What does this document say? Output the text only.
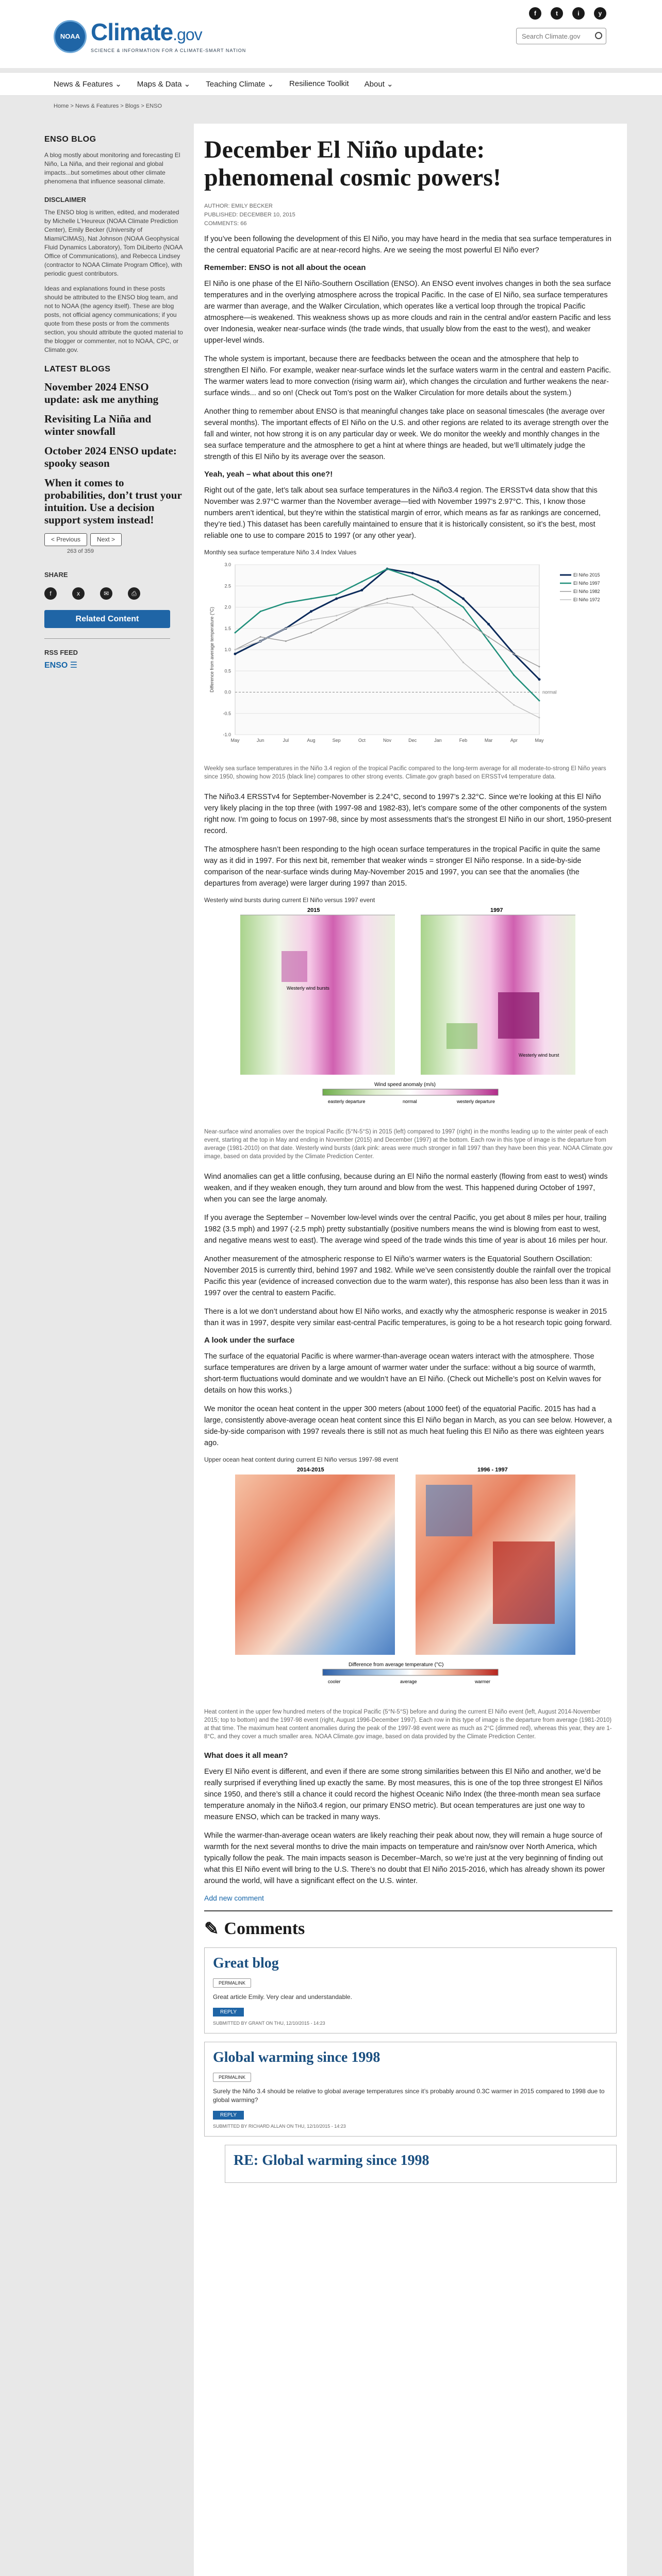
NOAA Climate.gov
SCIENCE & INFORMATION FOR A CLIMATE-SMART NATION
f	t	i	y
Search Climate.gov
News & Features ⌄ Maps & Data ⌄ Teaching Climate ⌄ Resilience Toolkit About ⌄
Home > News & Features > Blogs > ENSO
ENSO BLOG
A blog mostly about monitoring and forecasting El Niño, La Niña, and their regional and global impacts...but sometimes about other climate phenomena that influence seasonal climate.
DISCLAIMER
The ENSO blog is written, edited, and moderated by Michelle L'Heureux (NOAA Climate Prediction Center), Emily Becker (University of Miami/CIMAS), Nat Johnson (NOAA Geophysical Fluid Dynamics Laboratory), Tom DiLiberto (NOAA Office of Communications), and Rebecca Lindsey (contractor to NOAA Climate Program Office), with periodic guest contributors.
Ideas and explanations found in these posts should be attributed to the ENSO blog team, and not to NOAA (the agency itself). These are blog posts, not official agency communications; if you quote from these posts or from the comments section, you should attribute the quoted material to the blogger or commenter, not to NOAA, CPC, or Climate.gov.
LATEST BLOGS
November 2024 ENSO update: ask me anything
Revisiting La Niña and winter snowfall
October 2024 ENSO update: spooky season
When it comes to probabilities, don’t trust your intuition. Use a decision support system instead!
< Previous	Next >
263 of 359
SHARE
f	x	✉	⎙
Related Content
RSS FEED
ENSO ☰
December El Niño update: phenomenal cosmic powers!
AUTHOR: EMILY BECKER
PUBLISHED: DECEMBER 10, 2015
COMMENTS: 66
If you’ve been following the development of this El Niño, you may have heard in the media that sea surface temperatures in the central equatorial Pacific are at near-record highs. Are we seeing the most powerful El Niño ever?
Remember: ENSO is not all about the ocean
El Niño is one phase of the El Niño-Southern Oscillation (ENSO). An ENSO event involves changes in both the sea surface temperatures and in the overlying atmosphere across the tropical Pacific. In the case of El Niño, sea surface temperatures are warmer than average, and the Walker Circulation, which operates like a vertical loop through the tropical Pacific atmosphere—is weakened. This weakness shows up as more clouds and rain in the central and/or eastern Pacific and less over Indonesia, weaker near-surface winds (the trade winds, that usually blow from the east to the west), and weaker upper-level winds.
The whole system is important, because there are feedbacks between the ocean and the atmosphere that help to strengthen El Niño. For example, weaker near-surface winds let the surface waters warm in the central and eastern Pacific. The warmer waters lead to more convection (rising warm air), which changes the circulation and further weakens the near-surface winds... and so on! (Check out Tom’s post on the Walker Circulation for more details about the system.)
Another thing to remember about ENSO is that meaningful changes take place on seasonal timescales (the average over several months). The important effects of El Niño on the U.S. and other regions are related to its average strength over the fall and winter, not how strong it is on any particular day or week. We do monitor the weekly and monthly changes in the sea surface temperature and the atmosphere to get a hint at where things are headed, but we’ll ultimately judge the strength of this El Niño by its average over the season.
Yeah, yeah – what about this one?!
Right out of the gate, let’s talk about sea surface temperatures in the Niño3.4 region. The ERSSTv4 data show that this November was 2.97°C warmer than the November average—tied with November 1997’s 2.97°C. This, I know those numbers aren’t identical, but they’re within the statistical margin of error, which means as far as rankings are concerned, they’re tied.) This dataset has been carefully maintained to ensure that it is historically consistent, so it’s the best, most reliable one to use to compare 2015 to 1997 (or any other year).
Monthly sea surface temperature Niño 3.4 Index Values
-1.0
-0.5
0.0
0.5
1.0
1.5
2.0
2.5
3.0
May	Jun	Jul	Aug	Sep	Oct	Nov	Dec	Jan	Feb	Mar	Apr	May
normal
Difference from average temperature (°C)
El Niño 2015
El Niño 1997
El Niño 1982
El Niño 1972
Weekly sea surface temperatures in the Niño 3.4 region of the tropical Pacific compared to the long-term average for all moderate-to-strong El Niño years since 1950, showing how 2015 (black line) compares to other strong events. Climate.gov graph based on ERSSTv4 temperature data.
The Niño3.4 ERSSTv4 for September-November is 2.24°C, second to 1997’s 2.32°C. Since we’re looking at this El Niño very likely placing in the top three (with 1997-98 and 1982-83), let’s compare some of the other components of the system right now. I’m going to focus on 1997-98, since by most assessments that’s the strongest El Niño in our short, 1950-present record.
The atmosphere hasn’t been responding to the high ocean surface temperatures in the tropical Pacific in quite the same way as it did in 1997. For this next bit, remember that weaker winds = stronger El Niño response. In a side-by-side comparison of the near-surface winds during May-November 2015 and 1997, you can see that the anomalies (the departures from average) were larger during 1997 than 2015.
Westerly wind bursts during current El Niño versus 1997 event
2015	1997
Westerly wind burst
Westerly wind bursts
Wind speed anomaly (m/s)
easterly departure	normal	westerly departure
Near-surface wind anomalies over the tropical Pacific (5°N-5°S) in 2015 (left) compared to 1997 (right) in the months leading up to the winter peak of each event, starting at the top in May and ending in November (2015) and December (1997) at the bottom. Each row in this type of image is the departure from average (1981-2010) on that date. Westerly wind bursts (dark pink: areas were much stronger in fall 1997 than they have been this year. NOAA Climate.gov image, based on data provided by the Climate Prediction Center.
Wind anomalies can get a little confusing, because during an El Niño the normal easterly (flowing from east to west) winds weaken, and if they weaken enough, they turn around and blow from the west. This happened during October of 1997, when you can see the large anomaly.
If you average the September – November low-level winds over the central Pacific, you get about 8 miles per hour, trailing 1982 (3.5 mph) and 1997 (-2.5 mph) pretty substantially (positive numbers means the wind is blowing from east to west, and negative means west to east). The average wind speed of the trade winds this time of year is about 16 miles per hour.
Another measurement of the atmospheric response to El Niño’s warmer waters is the Equatorial Southern Oscillation: November 2015 is currently third, behind 1997 and 1982. While we’ve seen consistently double the rainfall over the tropical Pacific this year (evidence of increased convection due to the warm water), this response has also been less than it was in 1997 over the central to eastern Pacific.
There is a lot we don’t understand about how El Niño works, and exactly why the atmospheric response is weaker in 2015 than it was in 1997, despite very similar east-central Pacific temperatures, is going to be a hot research topic going forward.
A look under the surface
The surface of the equatorial Pacific is where warmer-than-average ocean waters interact with the atmosphere. Those surface temperatures are driven by a large amount of warmer water under the surface: without a big source of warmth, short-term fluctuations would dominate and we wouldn’t have an El Niño. (Check out Michelle’s post on Kelvin waves for details on how this works.)
We monitor the ocean heat content in the upper 300 meters (about 1000 feet) of the equatorial Pacific. 2015 has had a large, consistently above-average ocean heat content since this El Niño began in March, as you can see below. However, a side-by-side comparison with 1997 reveals there is still not as much heat fueling this El Niño as there was eighteen years ago.
Upper ocean heat content during current El Niño versus 1997-98 event
2014-2015	1996 - 1997
Difference from average temperature (°C)
cooler	average	warmer
Heat content in the upper few hundred meters of the tropical Pacific (5°N-5°S) before and during the current El Niño event (left, August 2014-November 2015; top to bottom) and the 1997-98 event (right, August 1996-December 1997). Each row in this type of image is the departure from average (1981-2010) at that time. The maximum heat content anomalies during the peak of the 1997-98 event were as much as 2°C (dimmed red), whereas this year, they are 1-8°C, and they cover a much smaller area. NOAA Climate.gov image, based on data provided by the Climate Prediction Center.
What does it all mean?
Every El Niño event is different, and even if there are some strong similarities between this El Niño and another, we’d be really surprised if everything lined up exactly the same. By most measures, this is one of the top three strongest El Niños since 1950, and there’s still a chance it could record the highest Oceanic Niño Index (the three-month mean sea surface temperature anomaly in the Niño3.4 region, our primary ENSO metric). But ocean temperatures are just one way to measure ENSO, which can be tracked in many ways.
While the warmer-than-average ocean waters are likely reaching their peak about now, they will remain a huge source of warmth for the next several months to drive the main impacts on temperature and rain/snow over North America, which typically follow the peak. The main impacts season is December–March, so we’re just at the very beginning of finding out what this El Niño event will bring to the U.S. There’s no doubt that El Niño 2015-2016, which has already shown its power around the world, will have a significant effect on the U.S. winter.
Add new comment
✎ Comments
Great blog
PERMALINK
Great article Emily. Very clear and understandable.
REPLY
SUBMITTED BY GRANT ON THU, 12/10/2015 - 14:23
Global warming since 1998
PERMALINK
Surely the Niño 3.4 should be relative to global average temperatures since it’s probably around 0.3C warmer in 2015 compared to 1998 due to global warming?
REPLY
SUBMITTED BY RICHARD ALLAN ON THU, 12/10/2015 - 14:23
RE: Global warming since 1998
